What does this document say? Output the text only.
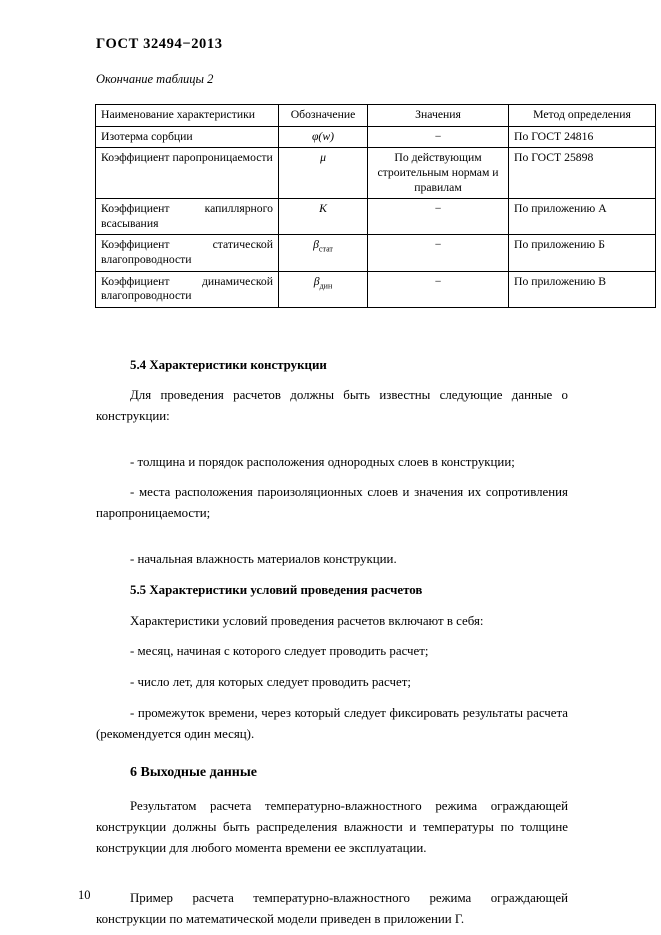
ГОСТ 32494−2013
Окончание таблицы 2
Наименование характеристики	Обозначение	Значения	Метод определения
Изотерма сорбции	φ(w)	−	По ГОСТ 24816
Коэффициент паропроницаемости	μ	По действующим строительным нормам и правилам	По ГОСТ 25898
Коэффициент капиллярного всасывания	K	−	По приложению А
Коэффициент статической влагопроводности	$\beta_{стат}$	−	По приложению Б
Коэффициент динамической влагопроводности	$\beta_{дин}$	−	По приложению В
5.4 Характеристики конструкции
Для проведения расчетов должны быть известны следующие данные о конструкции:
- толщина и порядок расположения однородных слоев в конструкции;
- места расположения пароизоляционных слоев и значения их сопротивления паропроницаемости;
- начальная влажность материалов конструкции.
5.5 Характеристики условий проведения расчетов
Характеристики условий проведения расчетов включают в себя:
- месяц, начиная с которого следует проводить расчет;
- число лет, для которых следует проводить расчет;
- промежуток времени, через который следует фиксировать результаты расчета (рекомендуется один месяц).
6 Выходные данные
Результатом расчета температурно-влажностного режима ограждающей конструкции должны быть распределения влажности и температуры по толщине конструкции для любого момента времени ее эксплуатации.
Пример расчета температурно-влажностного режима ограждающей конструкции по математической модели приведен в приложении Г.
10
